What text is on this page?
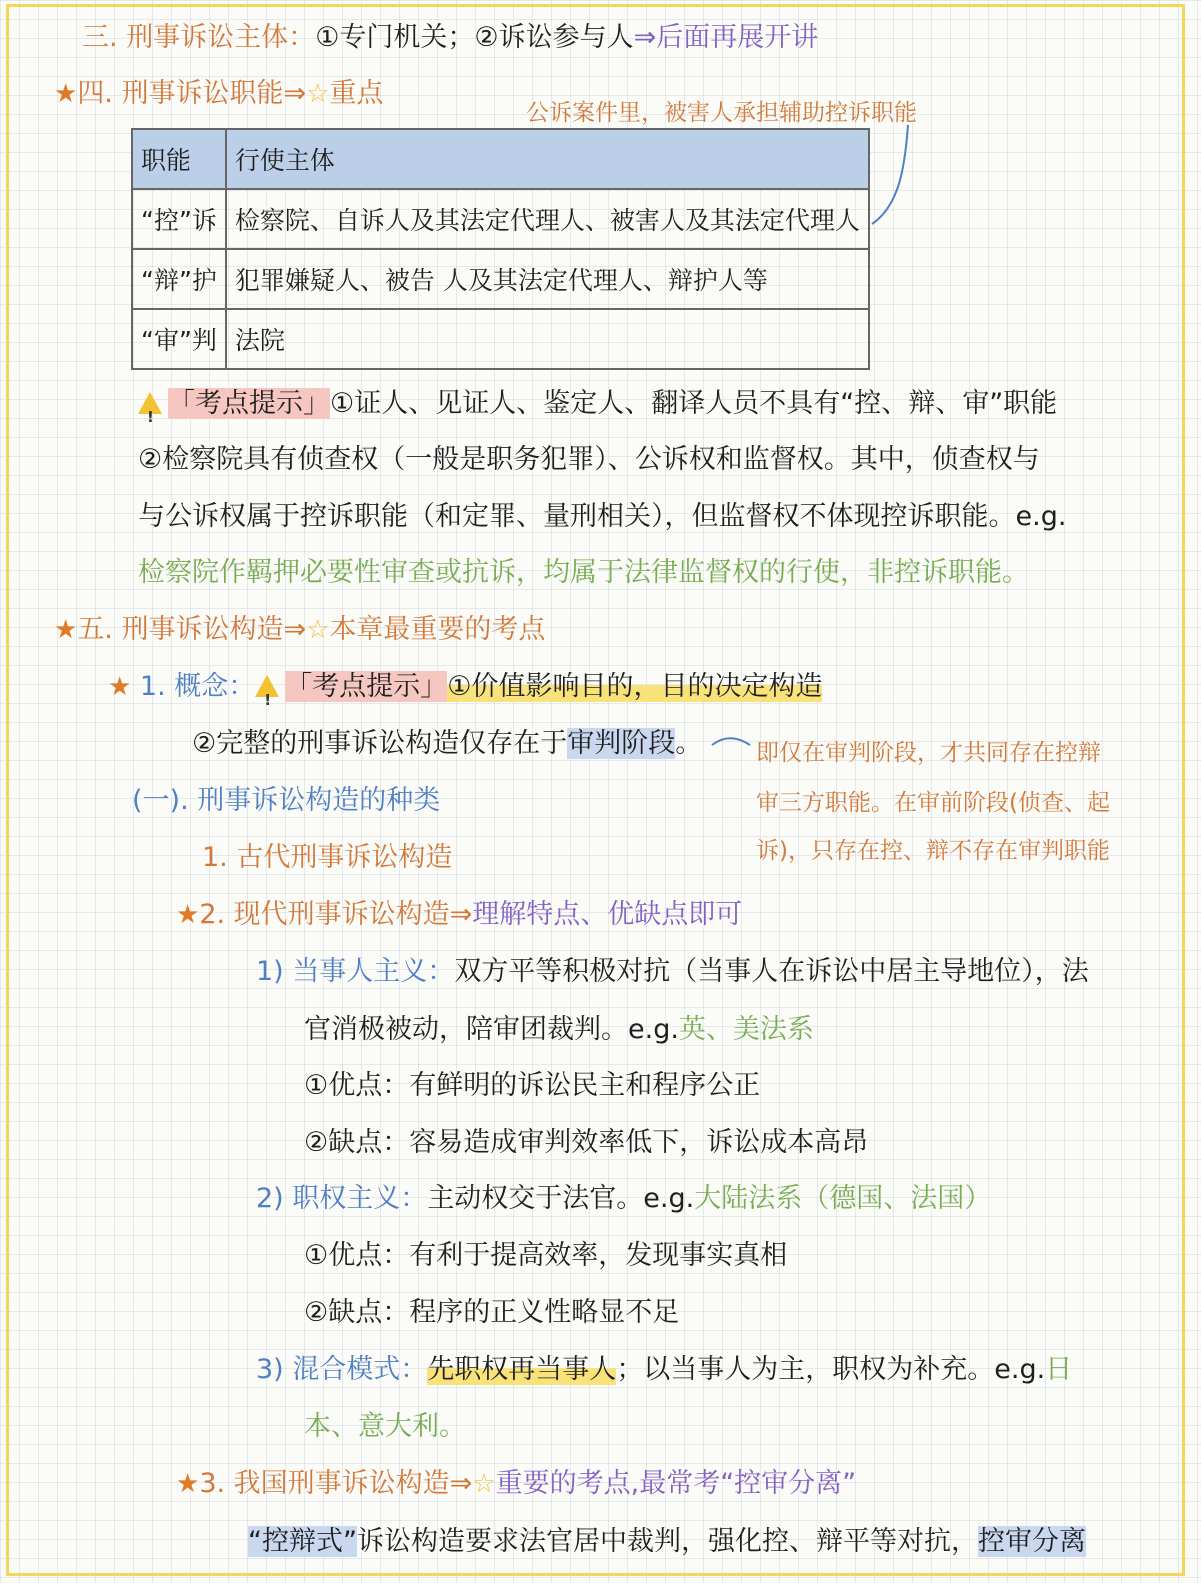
三. 刑事诉讼主体：①专门机关；②诉讼参与人⇒后面再展开讲
★四. 刑事诉讼职能⇒☆重点
公诉案件里，被害人承担辅助控诉职能
职能	行使主体
“控”诉	检察院、自诉人及其法定代理人、被害人及其法定代理人
“辩”护	犯罪嫌疑人、被告 人及其法定代理人、辩护人等
“审”判	法院
!「考点提示」①证人、见证人、鉴定人、翻译人员不具有“控、辩、审”职能
②检察院具有侦查权（一般是职务犯罪）、公诉权和监督权。其中，侦查权与
与公诉权属于控诉职能（和定罪、量刑相关），但监督权不体现控诉职能。e.g.
检察院作羁押必要性审查或抗诉，均属于法律监督权的行使，非控诉职能。
★五. 刑事诉讼构造⇒☆本章最重要的考点
★ 1. 概念： ! 「考点提示」①价值影响目的，目的决定构造
②完整的刑事诉讼构造仅存在于审判阶段。 即仅在审判阶段，才共同存在控辩
审三方职能。在审前阶段(侦查、起
诉)，只存在控、辩不存在审判职能
(一). 刑事诉讼构造的种类
1. 古代刑事诉讼构造
★2. 现代刑事诉讼构造⇒理解特点、优缺点即可
1) 当事人主义：双方平等积极对抗（当事人在诉讼中居主导地位），法
官消极被动，陪审团裁判。e.g.英、美法系
①优点：有鲜明的诉讼民主和程序公正
②缺点：容易造成审判效率低下，诉讼成本高昂
2) 职权主义：主动权交于法官。e.g.大陆法系（德国、法国）
①优点：有利于提高效率，发现事实真相
②缺点：程序的正义性略显不足
3) 混合模式：先职权再当事人；以当事人为主，职权为补充。e.g.日
本、意大利。
★3. 我国刑事诉讼构造⇒☆重要的考点,最常考“控审分离”
“控辩式”诉讼构造要求法官居中裁判，强化控、辩平等对抗，控审分离
